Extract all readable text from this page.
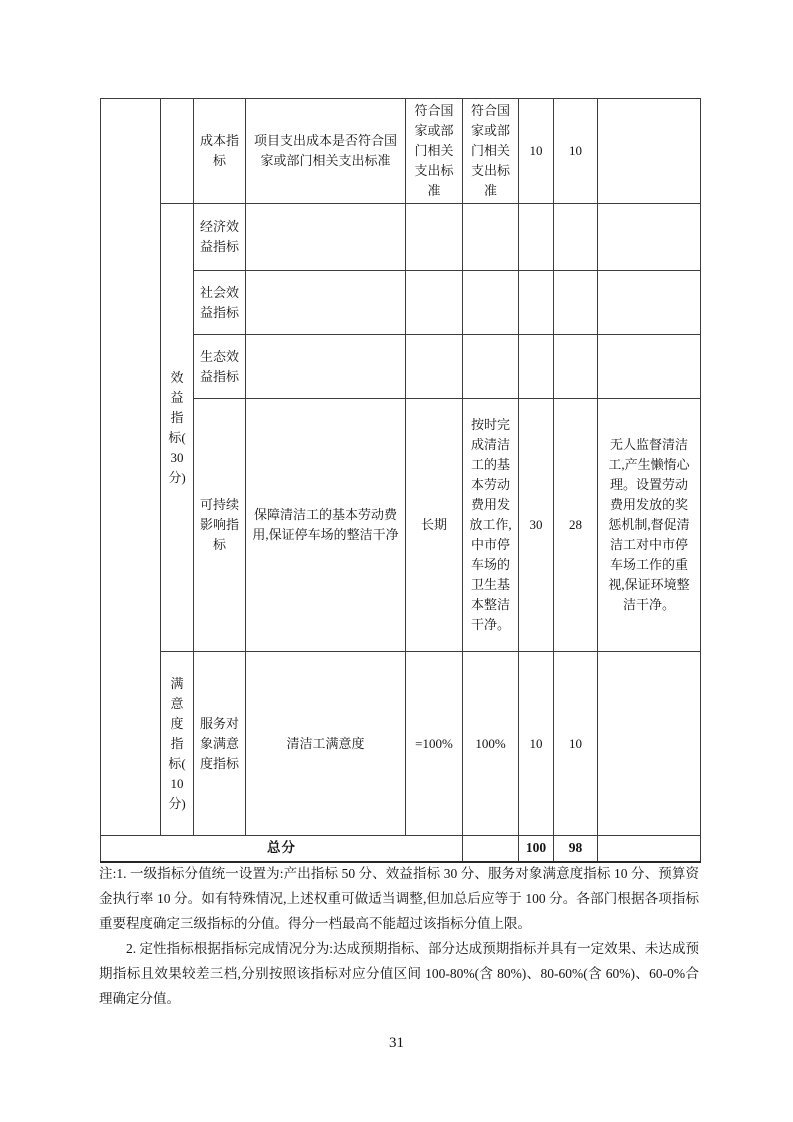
		成本指标	项目支出成本是否符合国家或部门相关支出标准	符合国家或部门相关支出标准	符合国家或部门相关支出标准	10	10	
	效益指标(30分)	经济效益指标						
		社会效益指标						
		生态效益指标						
		可持续影响指标	保障清洁工的基本劳动费用,保证停车场的整洁干净	长期	按时完成清洁工的基本劳动费用发放工作,中市停车场的卫生基本整洁干净。	30	28	无人监督清洁工,产生懒惰心理。设置劳动费用发放的奖惩机制,督促清洁工对中市停车场工作的重视,保证环境整洁干净。
	满意度指标(10分)	服务对象满意度指标	清洁工满意度	=100%	100%	10	10	
总分						100	98	

注:1. 一级指标分值统一设置为:产出指标 50 分、效益指标 30 分、服务对象满意度指标 10 分、预算资金执行率 10 分。如有特殊情况,上述权重可做适当调整,但加总后应等于 100 分。各部门根据各项指标重要程度确定三级指标的分值。得分一档最高不能超过该指标分值上限。

2. 定性指标根据指标完成情况分为:达成预期指标、部分达成预期指标并具有一定效果、未达成预期指标且效果较差三档,分别按照该指标对应分值区间 100-80%(含 80%)、80-60%(含 60%)、60-0%合理确定分值。

31
